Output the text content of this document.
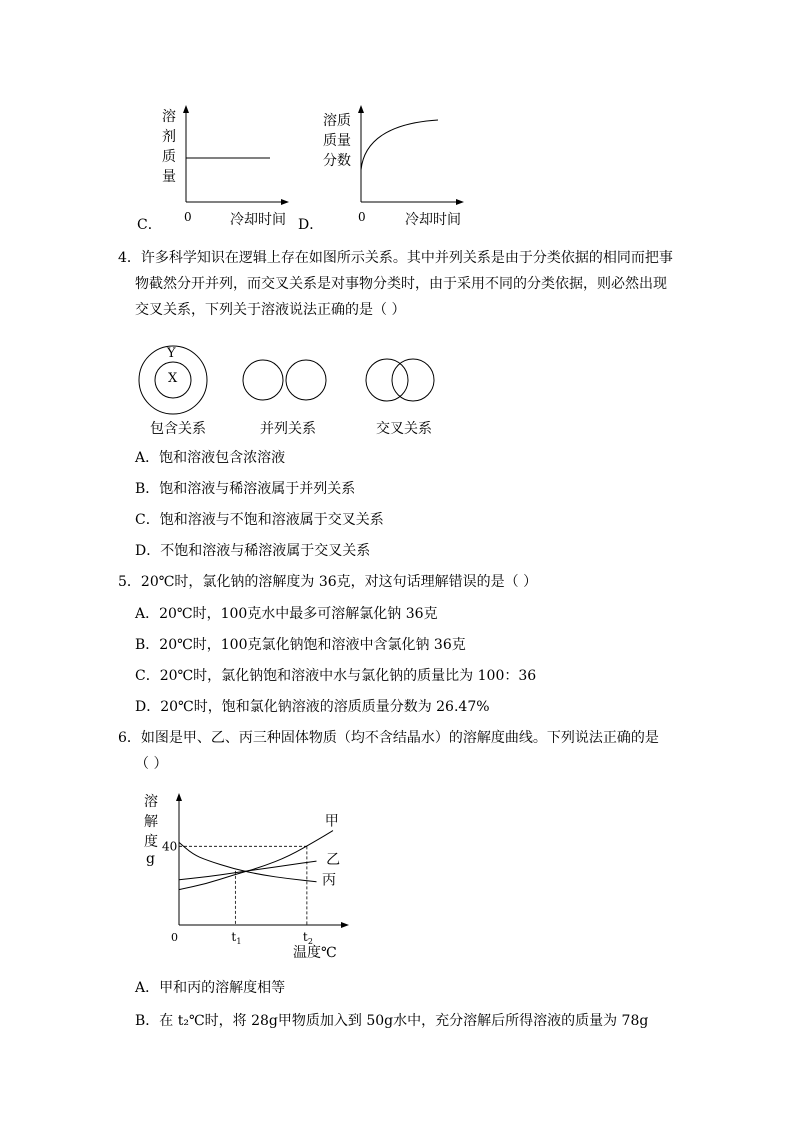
溶
剂
质
量
C． 0	冷却时间
溶质
质量
分数
D．	0	冷却时间
4．许多科学知识在逻辑上存在如图所示关系。其中并列关系是由于分类依据的相同而把事
物截然分开并列，而交叉关系是对事物分类时，由于采用不同的分类依据，则必然出现
交叉关系，下列关于溶液说法正确的是（ ）
Y
X
包含关系	并列关系	交叉关系
A．饱和溶液包含浓溶液
B．饱和溶液与稀溶液属于并列关系
C．饱和溶液与不饱和溶液属于交叉关系
D．不饱和溶液与稀溶液属于交叉关系
5．20℃时，氯化钠的溶解度为 36克，对这句话理解错误的是（ ）
A．20℃时，100克水中最多可溶解氯化钠 36克
B．20℃时，100克氯化钠饱和溶液中含氯化钠 36克
C．20℃时，氯化钠饱和溶液中水与氯化钠的质量比为 100：36
D．20℃时，饱和氯化钠溶液的溶质质量分数为 26.47%
6．如图是甲、乙、丙三种固体物质（均不含结晶水）的溶解度曲线。下列说法正确的是
（ ）
40
0	t 1	t 2
温度℃
甲
乙
丙
溶
解
度
g
A．甲和丙的溶解度相等
B．在 t₂℃时，将 28g甲物质加入到 50g水中，充分溶解后所得溶液的质量为 78g
